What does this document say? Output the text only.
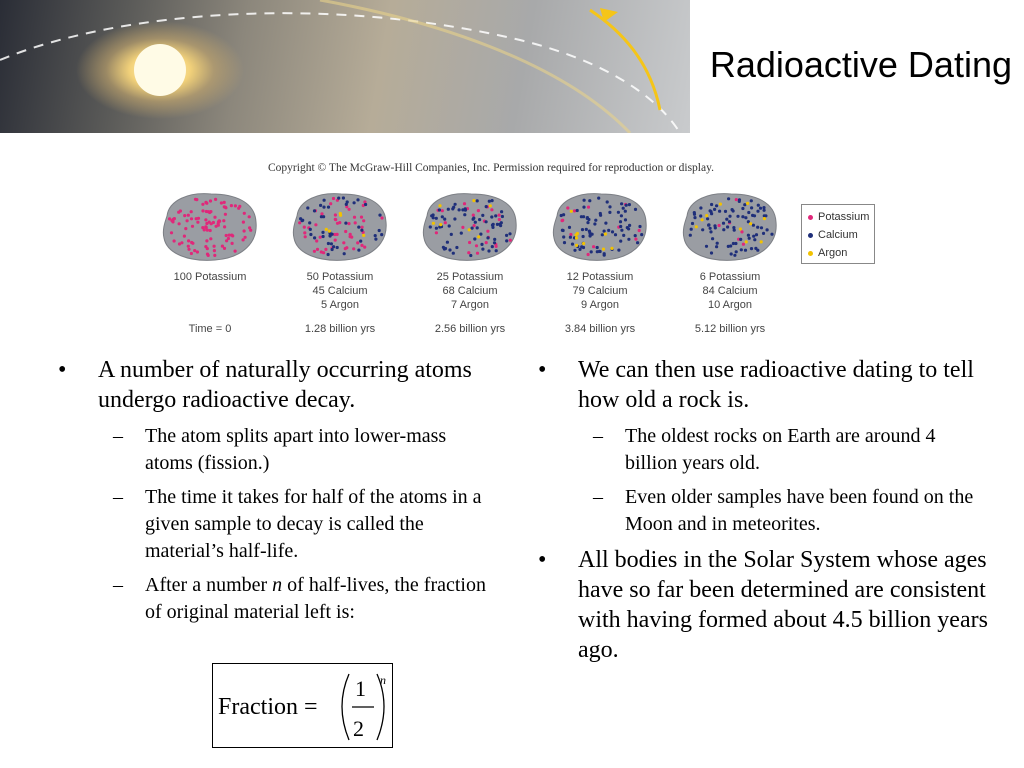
Radioactive Dating
Copyright © The McGraw-Hill Companies, Inc. Permission required for reproduction or display.
100 Potassium	50 Potassium
45 Calcium
5 Argon
25 Potassium
68 Calcium
7 Argon
12 Potassium
79 Calcium
9 Argon
6 Potassium
84 Calcium
10 Argon
Time = 0	1.28 billion yrs	2.56 billion yrs	3.84 billion yrs	5.12 billion yrs
Potassium
Calcium
Argon
• A number of naturally occurring atoms undergo radioactive decay.
– The atom splits apart into lower-mass atoms (fission.)
– The time it takes for half of the atoms in a given sample to decay is called the material’s half-life.
– After a number n of half-lives, the fraction of original material left is:
Fraction =
1
2
n
• We can then use radioactive dating to tell how old a rock is.
– The oldest rocks on Earth are around 4 billion years old.
– Even older samples have been found on the Moon and in meteorites.
• All bodies in the Solar System whose ages have so far been determined are consistent with having formed about 4.5 billion years ago.
